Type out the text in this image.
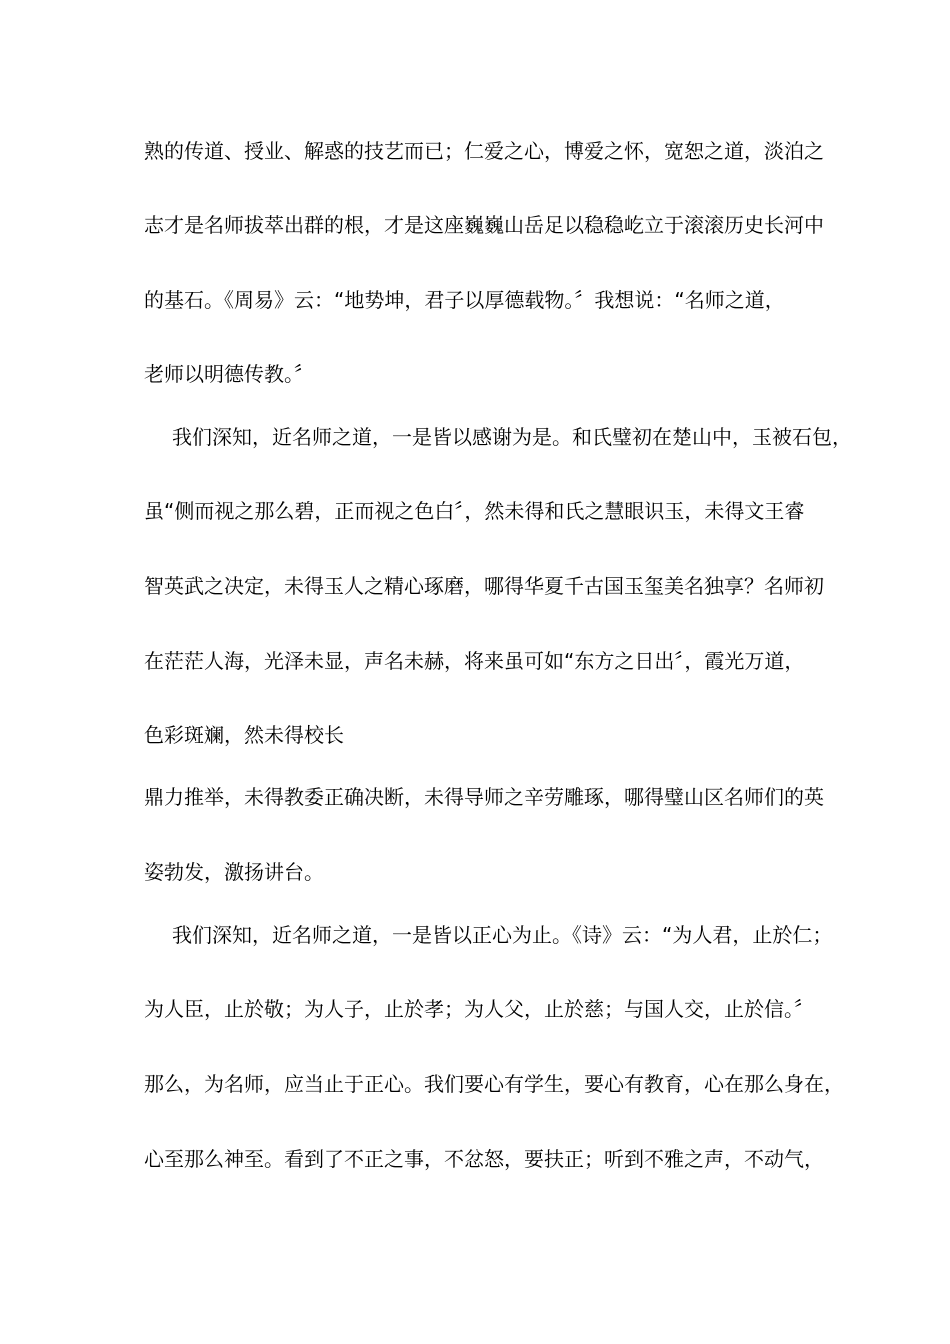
熟的传道、授业、解惑的技艺而已；仁爱之心，博爱之怀，宽恕之道，淡泊之
志才是名师拔萃出群的根，才是这座巍巍山岳足以稳稳屹立于滚滚历史长河中
的基石。《周易》云：“地势坤，君子以厚德载物。〞我想说：“名师之道，
老师以明德传教。〞
我们深知，近名师之道，一是皆以感谢为是。和氏璧初在楚山中，玉被石包，
虽“侧而视之那么碧，正而视之色白〞，然未得和氏之慧眼识玉，未得文王睿
智英武之决定，未得玉人之精心琢磨，哪得华夏千古国玉玺美名独享？名师初
在茫茫人海，光泽未显，声名未赫，将来虽可如“东方之日出〞，霞光万道，
色彩斑斓，然未得校长
鼎力推举，未得教委正确决断，未得导师之辛劳雕琢，哪得璧山区名师们的英
姿勃发，激扬讲台。
我们深知，近名师之道，一是皆以正心为止。《诗》云：“为人君，止於仁；
为人臣，止於敬；为人子，止於孝；为人父，止於慈；与国人交，止於信。〞
那么，为名师，应当止于正心。我们要心有学生，要心有教育，心在那么身在，
心至那么神至。看到了不正之事，不忿怒，要扶正；听到不雅之声，不动气，
